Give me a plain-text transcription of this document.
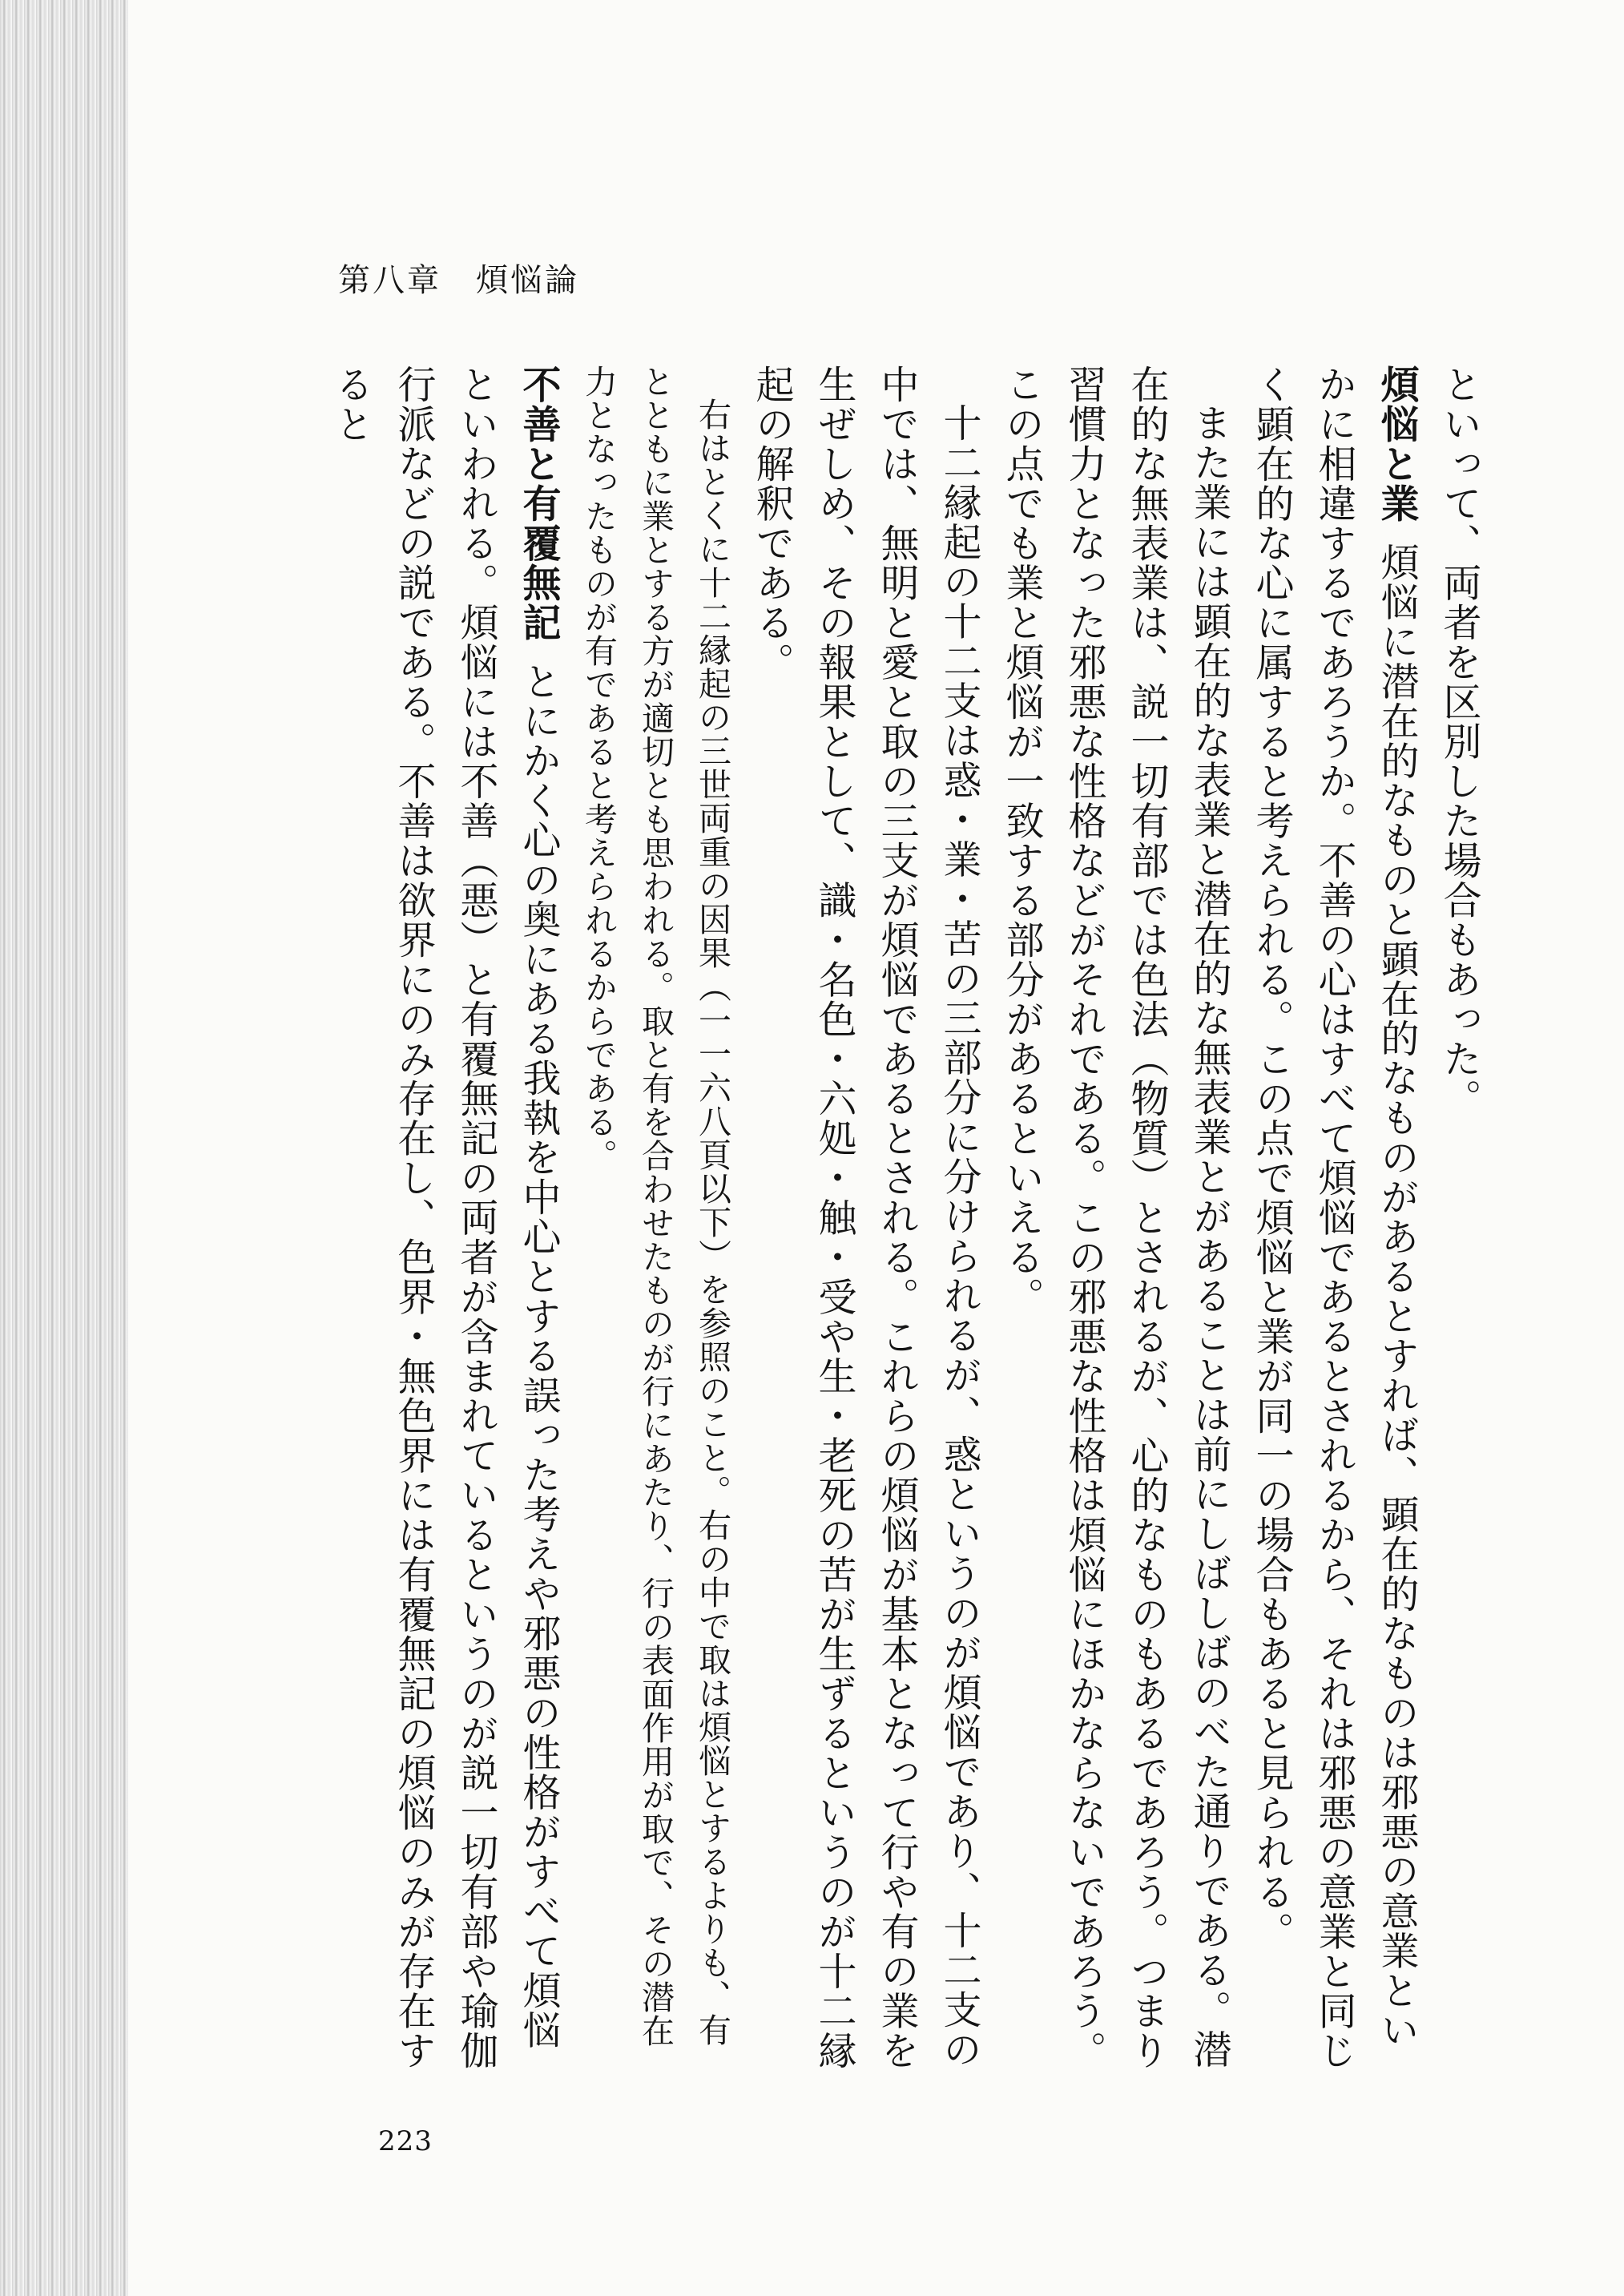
第八章　煩悩論

といって、両者を区別した場合もあった。

煩悩と業煩悩に潜在的なものと顕在的なものがあるとすれば、顕在的なものは邪悪の意業といかに相違するであろうか。不善の心はすべて煩悩であるとされるから、それは邪悪の意業と同じく顕在的な心に属すると考えられる。この点で煩悩と業が同一の場合もあると見られる。

また業には顕在的な表業と潜在的な無表業とがあることは前にしばしばのべた通りである。潜在的な無表業は、説一切有部では色法（物質）とされるが、心的なものもあるであろう。つまり習慣力となった邪悪な性格などがそれである。この邪悪な性格は煩悩にほかならないであろう。この点でも業と煩悩が一致する部分があるといえる。

十二縁起の十二支は惑・業・苦の三部分に分けられるが、惑というのが煩悩であり、十二支の中では、無明と愛と取の三支が煩悩であるとされる。これらの煩悩が基本となって行や有の業を生ぜしめ、その報果として、識・名色・六処・触・受や生・老死の苦が生ずるというのが十二縁起の解釈である。

右はとくに十二縁起の三世両重の因果（一一六八頁以下）を参照のこと。右の中で取は煩悩とするよりも、有とともに業とする方が適切とも思われる。取と有を合わせたものが行にあたり、行の表面作用が取で、その潜在力となったものが有であると考えられるからである。

不善と有覆無記とにかく心の奥にある我執を中心とする誤った考えや邪悪の性格がすべて煩悩といわれる。煩悩には不善（悪）と有覆無記の両者が含まれているというのが説一切有部や瑜伽行派などの説である。不善は欲界にのみ存在し、色界・無色界には有覆無記の煩悩のみが存在すると

223
